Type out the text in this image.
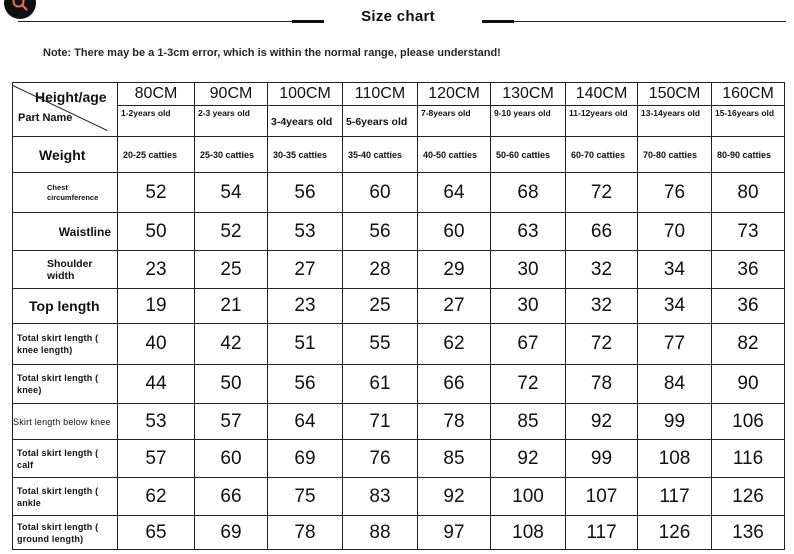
Size chart
Note: There may be a 1-3cm error, which is within the normal range, please understand!
Height/age
Part Name	80CM	90CM	100CM	110CM	120CM	130CM	140CM	150CM	160CM
	1-2years old	2-3 years old	3-4years old	5-6years old	7-8years old	9-10 years old	11-12years old	13-14years old	15-16years old
Weight	20-25 catties	25-30 catties	30-35 catties	35-40 catties	40-50 catties	50-60 catties	60-70 catties	70-80 catties	80-90 catties
Chest circumference	52	54	56	60	64	68	72	76	80
Waistline	50	52	53	56	60	63	66	70	73
Shoulder width	23	25	27	28	29	30	32	34	36
Top length	19	21	23	25	27	30	32	34	36
Total skirt length ( knee length)	40	42	51	55	62	67	72	77	82
Total skirt length ( knee)	44	50	56	61	66	72	78	84	90
Skirt length below knee	53	57	64	71	78	85	92	99	106
Total skirt length ( calf	57	60	69	76	85	92	99	108	116
Total skirt length ( ankle	62	66	75	83	92	100	107	117	126
Total skirt length ( ground length)	65	69	78	88	97	108	117	126	136
